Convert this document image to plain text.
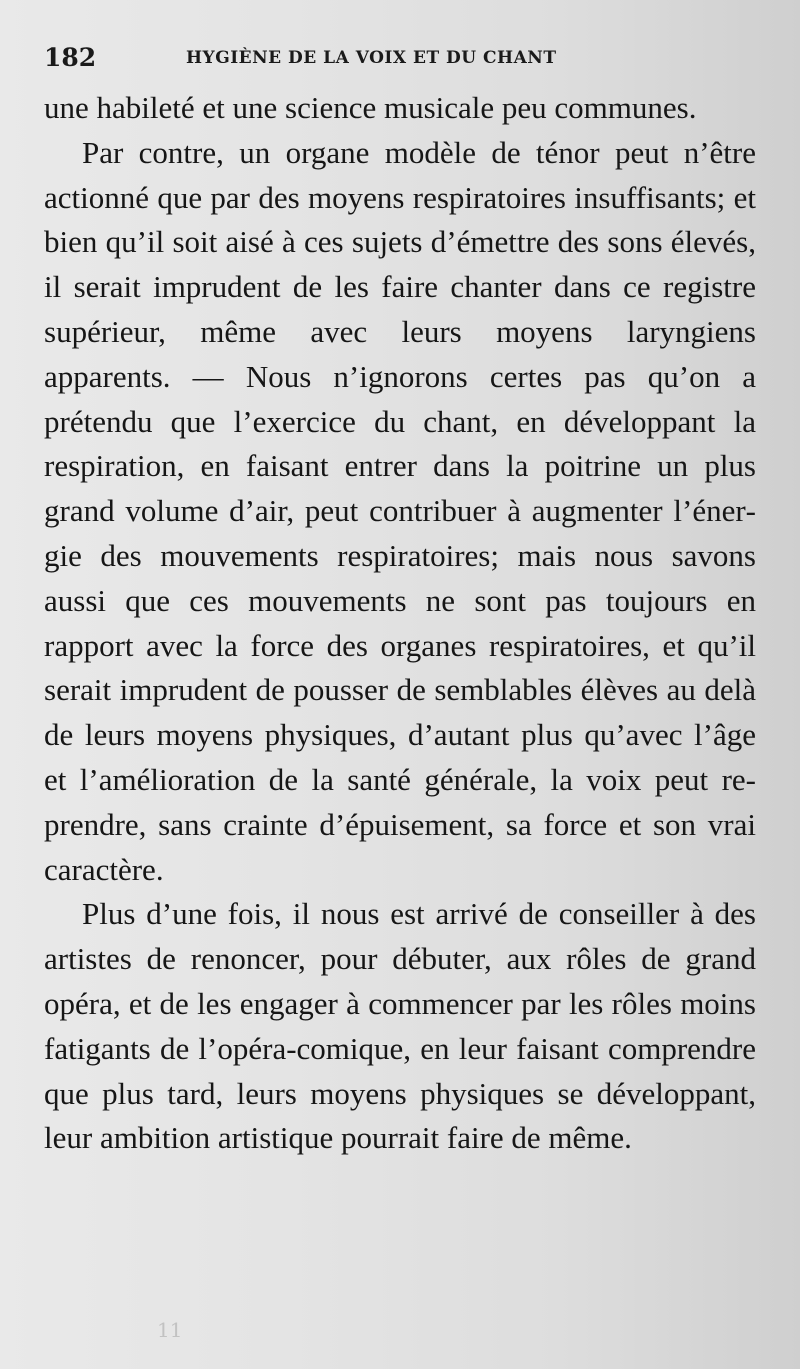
182	HYGIÈNE DE LA VOIX ET DU CHANT

une habileté et une science musicale peu communes.

Par contre, un organe modèle de ténor peut n’être actionné que par des moyens respiratoires insuffisants; et bien qu’il soit aisé à ces sujets d’émettre des sons élevés, il serait imprudent de les faire chanter dans ce registre supérieur, même avec leurs moyens laryngiens apparents. — Nous n’ignorons certes pas qu’on a prétendu que l’exercice du chant, en développant la respiration, en faisant entrer dans la poitrine un plus grand volume d’air, peut contribuer à augmenter l’énergie des mouvements respiratoires; mais nous savons aussi que ces mouvements ne sont pas toujours en rapport avec la force des organes respiratoires, et qu’il serait imprudent de pousser de semblables élèves au delà de leurs moyens physiques, d’autant plus qu’avec l’âge et l’amélioration de la santé générale, la voix peut reprendre, sans crainte d’épuisement, sa force et son vrai caractère.

Plus d’une fois, il nous est arrivé de conseiller à des artistes de renoncer, pour débuter, aux rôles de grand opéra, et de les engager à commencer par les rôles moins fatigants de l’opéra-comique, en leur faisant comprendre que plus tard, leurs moyens physiques se développant, leur ambition artistique pourrait faire de même.

11
